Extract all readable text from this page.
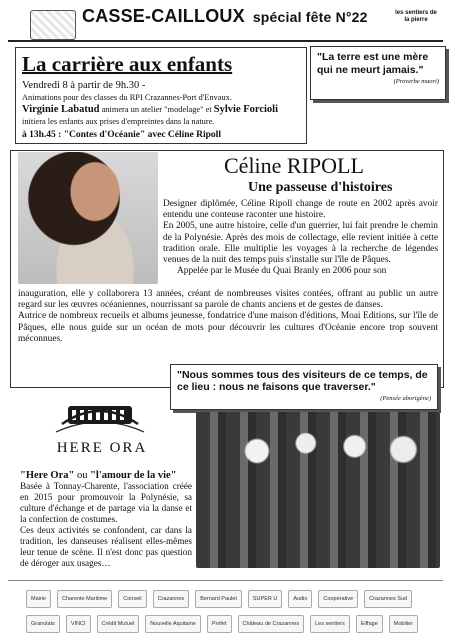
CASSE-CAILLOUX spécial fête N°22	les sentiers de la pierre
La carrière aux enfants
Vendredi 8 à partir de 9h.30 -
Animations pour des classes du RPI Crazannes-Port d'Envaux.
Virginie Labatud animera un atelier "modelage" et Sylvie Forcioli initiera les enfants aux prises d'empreintes dans la nature.
à 13h.45 : "Contes d'Océanie" avec Céline Ripoll
"La terre est une mère qui ne meurt jamais."
(Proverbe maori)
Céline RIPOLL
Une passeuse d'histoires
Designer diplômée, Céline Ripoll change de route en 2002 après avoir entendu une conteuse raconter une histoire.
En 2005, une autre histoire, celle d'un guerrier, lui fait prendre le chemin de la Polynésie. Après des mois de collectage, elle revient initiée à cette tradition orale. Elle multiplie les voyages à la recherche de légendes venues de la nuit des temps puis s'installe sur l'île de Pâques.
Appelée par le Musée du Quai Branly en 2006 pour son
inauguration, elle y collaborera 13 années, créant de nombreuses visites contées, offrant au public un autre regard sur les œuvres océaniennes, nourrissant sa parole de chants anciens et de gestes de danses.
Autrice de nombreux recueils et albums jeunesse, fondatrice d'une maison d'éditions, Moai Editions, sur l'île de Pâques, elle nous guide sur un océan de mots pour découvrir les cultures d'Océanie encore trop souvent méconnues.
"Nous sommes tous des visiteurs de ce temps, de ce lieu : nous ne faisons que traverser."
(Pensée aborigène)
HERE ORA
"Here Ora" ou "l'amour de la vie"
Basée à Tonnay-Charente, l'association créée en 2015 pour promouvoir la Polynésie, sa culture d'échange et de partage via la danse et la confection de costumes.
Ces deux activités se confondent, car dans la tradition, les danseuses réalisent elles-mêmes leur tenue de scène. Il n'est donc pas question de déroger aux usages…
Mairie	Charente Maritime	Conseil	Crazannes	Bernard Paulet	SUPER U	Audio	Coopérative	Crazannes Sud
Granulats	VINCI	Crédit Mutuel	Nouvelle Aquitaine	Préfet	Château de Crazannes	Les sentiers	Eiffage	Mobilier
